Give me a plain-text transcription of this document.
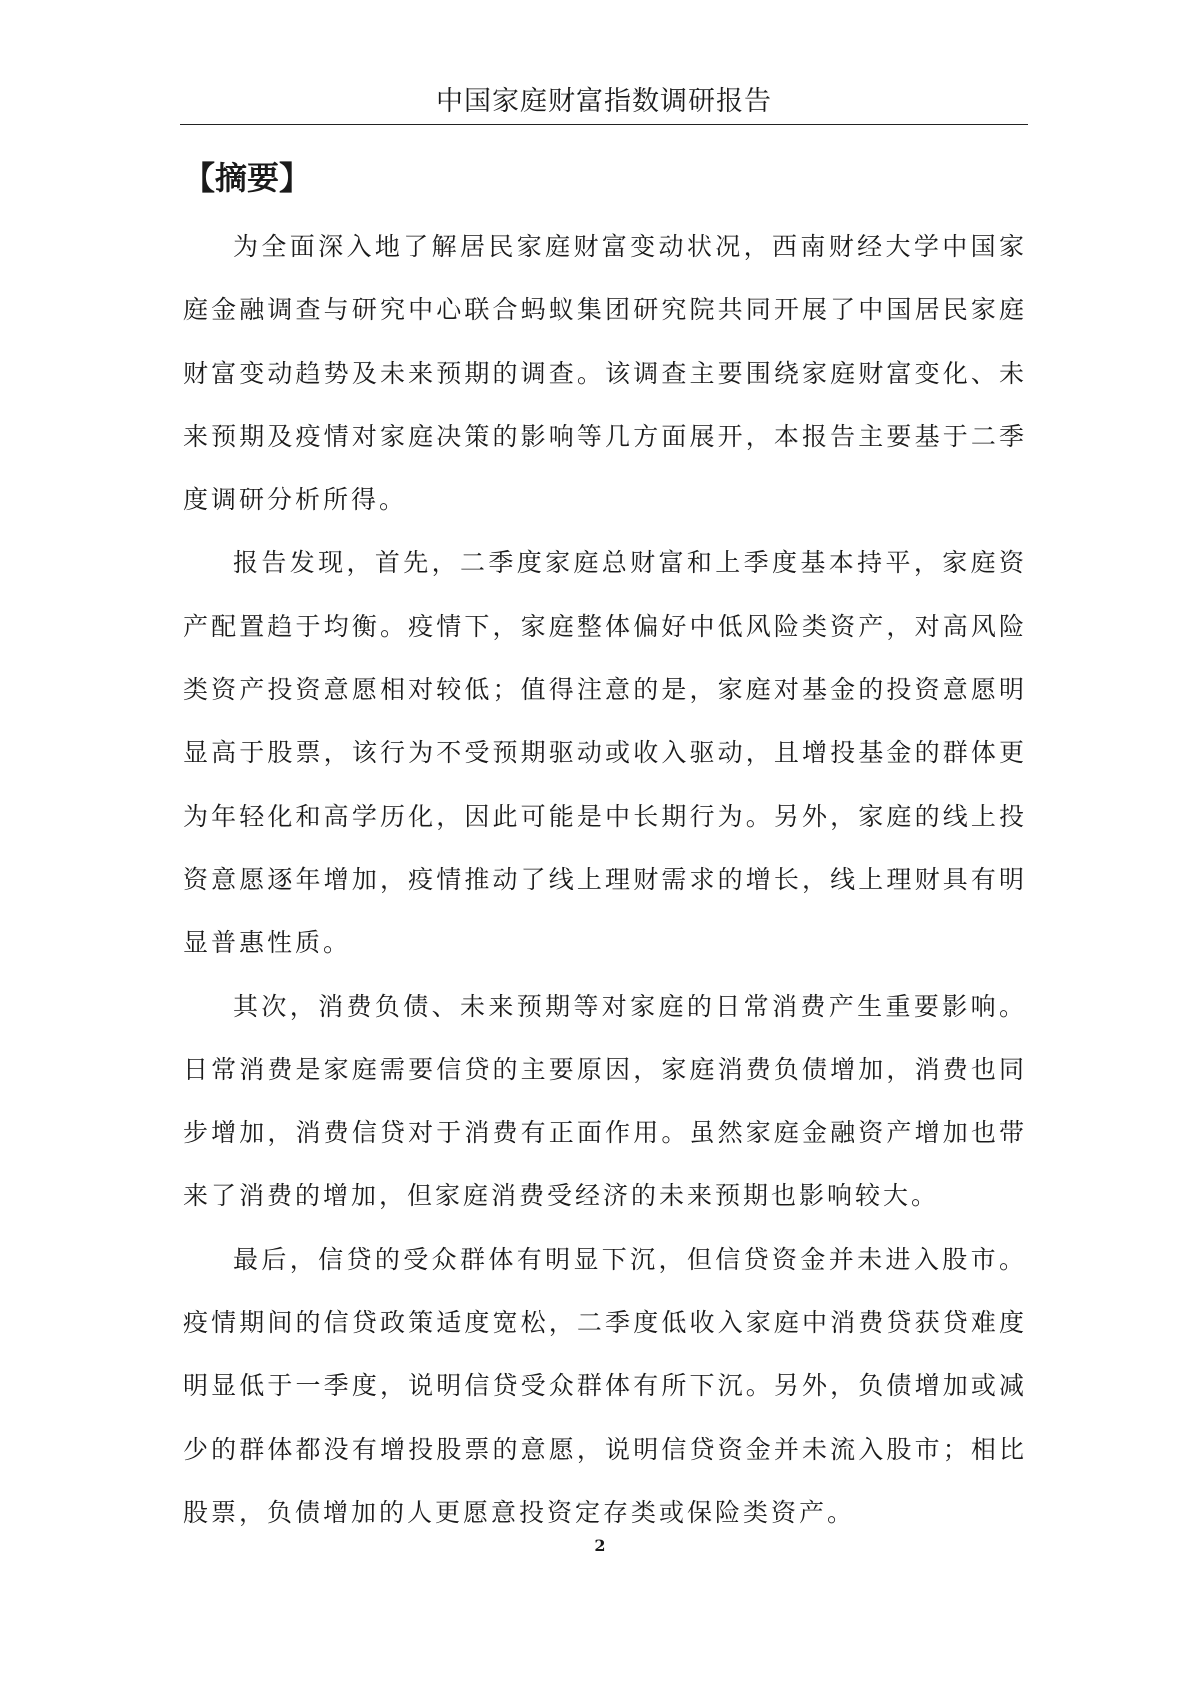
中国家庭财富指数调研报告
【摘要】

为全面深入地了解居民家庭财富变动状况，西南财经大学中国家庭金融调查与研究中心联合蚂蚁集团研究院共同开展了中国居民家庭财富变动趋势及未来预期的调查。该调查主要围绕家庭财富变化、未来预期及疫情对家庭决策的影响等几方面展开，本报告主要基于二季度调研分析所得。

报告发现，首先，二季度家庭总财富和上季度基本持平，家庭资产配置趋于均衡。疫情下，家庭整体偏好中低风险类资产，对高风险类资产投资意愿相对较低；值得注意的是，家庭对基金的投资意愿明显高于股票，该行为不受预期驱动或收入驱动，且增投基金的群体更为年轻化和高学历化，因此可能是中长期行为。另外，家庭的线上投资意愿逐年增加，疫情推动了线上理财需求的增长，线上理财具有明显普惠性质。

其次，消费负债、未来预期等对家庭的日常消费产生重要影响。日常消费是家庭需要信贷的主要原因，家庭消费负债增加，消费也同步增加，消费信贷对于消费有正面作用。虽然家庭金融资产增加也带来了消费的增加，但家庭消费受经济的未来预期也影响较大。

最后，信贷的受众群体有明显下沉，但信贷资金并未进入股市。疫情期间的信贷政策适度宽松，二季度低收入家庭中消费贷获贷难度明显低于一季度，说明信贷受众群体有所下沉。另外，负债增加或减少的群体都没有增投股票的意愿，说明信贷资金并未流入股市；相比股票，负债增加的人更愿意投资定存类或保险类资产。

2
